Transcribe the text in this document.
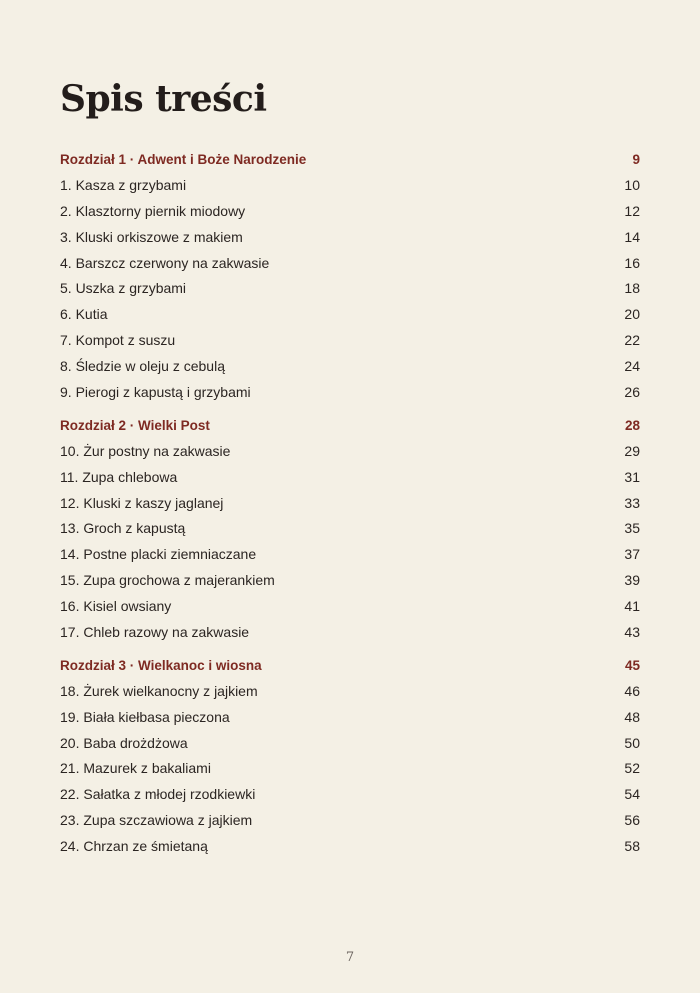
Spis treści
Rozdział 1 · Adwent i Boże Narodzenie	9
1. Kasza z grzybami	10
2. Klasztorny piernik miodowy	12
3. Kluski orkiszowe z makiem	14
4. Barszcz czerwony na zakwasie	16
5. Uszka z grzybami	18
6. Kutia	20
7. Kompot z suszu	22
8. Śledzie w oleju z cebulą	24
9. Pierogi z kapustą i grzybami	26
Rozdział 2 · Wielki Post	28
10. Żur postny na zakwasie	29
11. Zupa chlebowa	31
12. Kluski z kaszy jaglanej	33
13. Groch z kapustą	35
14. Postne placki ziemniaczane	37
15. Zupa grochowa z majerankiem	39
16. Kisiel owsiany	41
17. Chleb razowy na zakwasie	43
Rozdział 3 · Wielkanoc i wiosna	45
18. Żurek wielkanocny z jajkiem	46
19. Biała kiełbasa pieczona	48
20. Baba drożdżowa	50
21. Mazurek z bakaliami	52
22. Sałatka z młodej rzodkiewki	54
23. Zupa szczawiowa z jajkiem	56
24. Chrzan ze śmietaną	58
7
